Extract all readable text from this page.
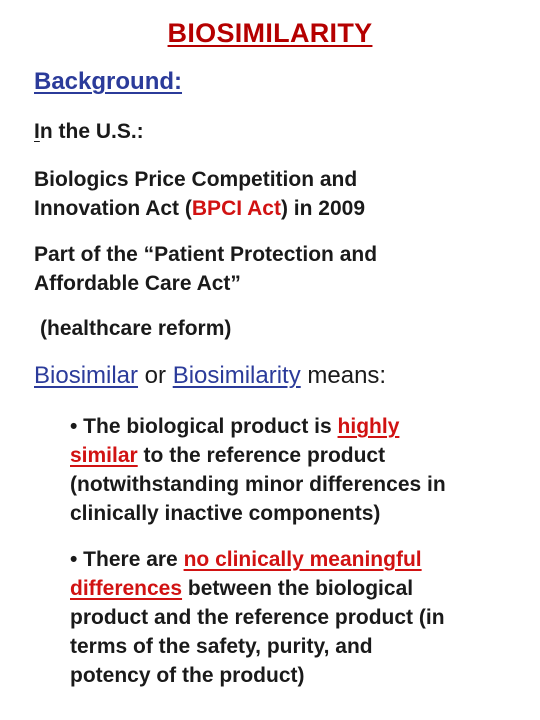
BIOSIMILARITY
Background:
In the U.S.:
Biologics Price Competition and
Innovation Act (BPCI Act) in 2009
Part of the “Patient Protection and
Affordable Care Act”
(healthcare reform)
Biosimilar or Biosimilarity means:
• The biological product is highly
similar to the reference product
(notwithstanding minor differences in
clinically inactive components)
• There are no clinically meaningful
differences between the biological
product and the reference product (in
terms of the safety, purity, and
potency of the product)
